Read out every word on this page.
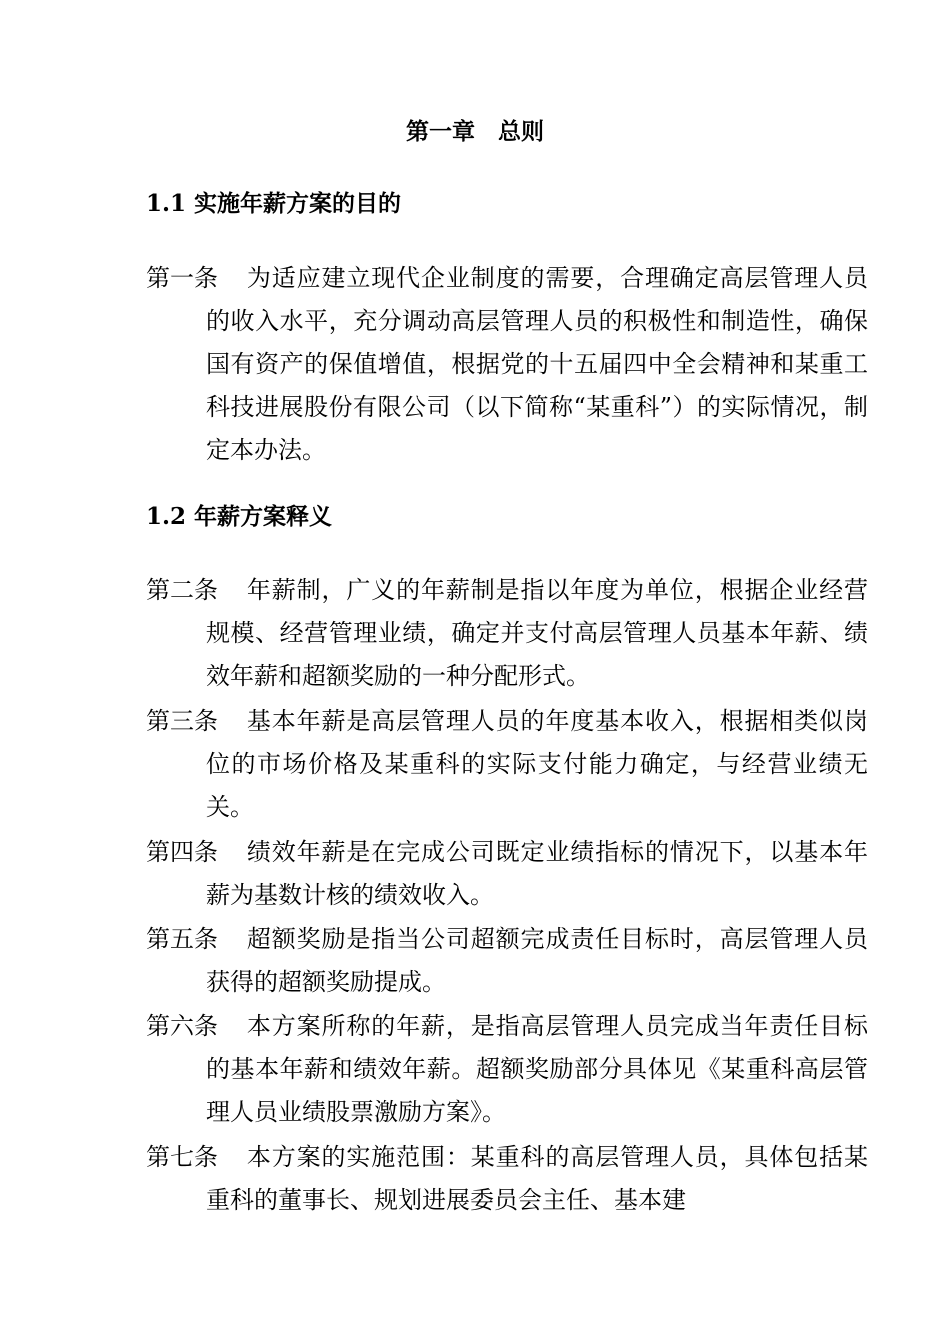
第一章　总则
1.1 实施年薪方案的目的

第一条 为适应建立现代企业制度的需要，合理确定高层管理人员的收入水平，充分调动高层管理人员的积极性和制造性，确保国有资产的保值增值，根据党的十五届四中全会精神和某重工科技进展股份有限公司（以下简称“某重科”）的实际情况，制定本办法。

1.2 年薪方案释义

第二条 年薪制，广义的年薪制是指以年度为单位，根据企业经营规模、经营管理业绩，确定并支付高层管理人员基本年薪、绩效年薪和超额奖励的一种分配形式。

第三条 基本年薪是高层管理人员的年度基本收入，根据相类似岗位的市场价格及某重科的实际支付能力确定，与经营业绩无关。

第四条 绩效年薪是在完成公司既定业绩指标的情况下，以基本年薪为基数计核的绩效收入。

第五条 超额奖励是指当公司超额完成责任目标时，高层管理人员获得的超额奖励提成。

第六条 本方案所称的年薪，是指高层管理人员完成当年责任目标的基本年薪和绩效年薪。超额奖励部分具体见《某重科高层管理人员业绩股票激励方案》。

第七条 本方案的实施范围：某重科的高层管理人员，具体包括某重科的董事长、规划进展委员会主任、基本建
